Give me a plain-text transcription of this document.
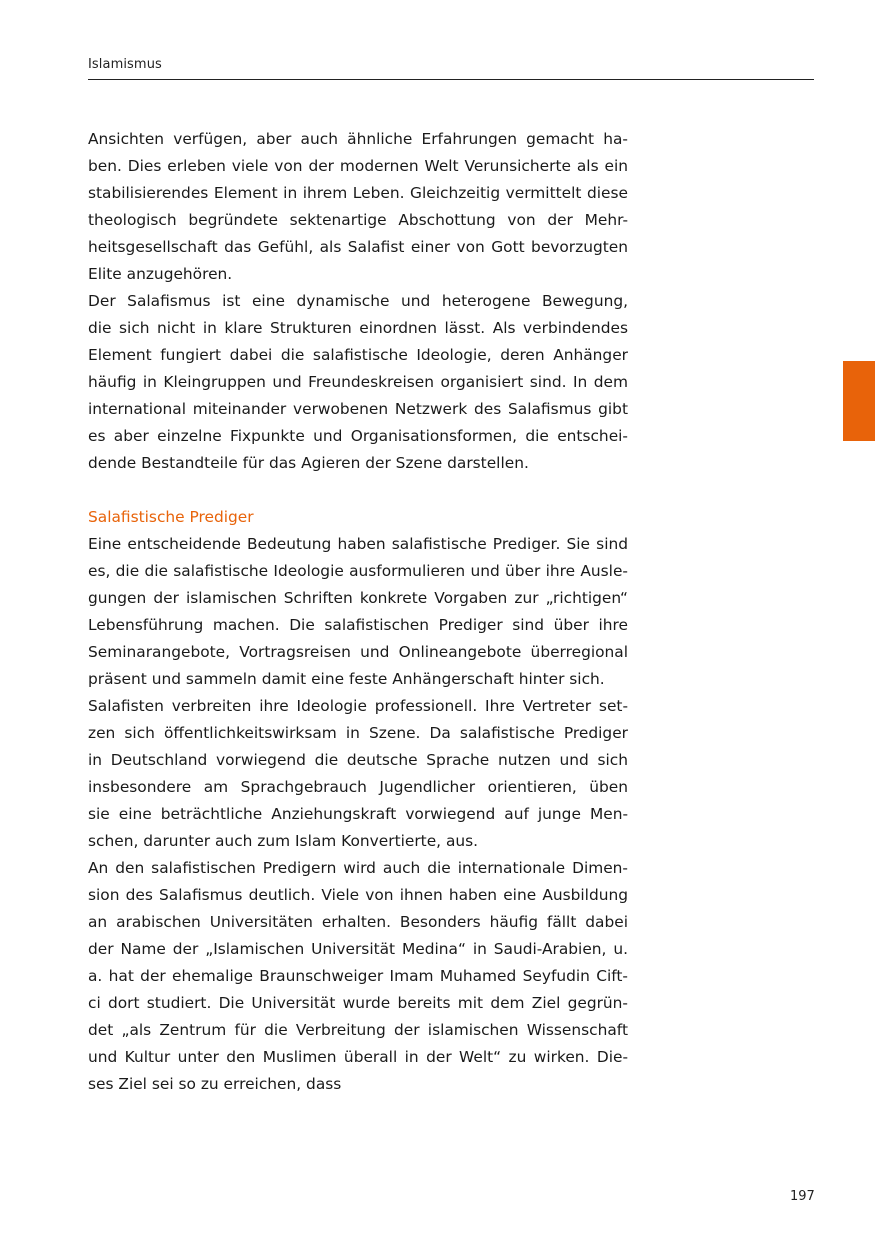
Islamismus
Ansichten verfügen, aber auch ähnliche Erfahrungen gemacht ha-
ben. Dies erleben viele von der modernen Welt Verunsicherte als ein
stabilisierendes Element in ihrem Leben. Gleichzeitig vermittelt diese
theologisch begründete sektenartige Abschottung von der Mehr-
heitsgesellschaft das Gefühl, als Salafist einer von Gott bevorzugten
Elite anzugehören.
Der Salafismus ist eine dynamische und heterogene Bewegung,
die sich nicht in klare Strukturen einordnen lässt. Als verbindendes
Element fungiert dabei die salafistische Ideologie, deren Anhänger
häufig in Kleingruppen und Freundeskreisen organisiert sind. In dem
international miteinander verwobenen Netzwerk des Salafismus gibt
es aber einzelne Fixpunkte und Organisationsformen, die entschei-
dende Bestandteile für das Agieren der Szene darstellen.
Salafistische Prediger
Eine entscheidende Bedeutung haben salafistische Prediger. Sie sind
es, die die salafistische Ideologie ausformulieren und über ihre Ausle-
gungen der islamischen Schriften konkrete Vorgaben zur „richtigen“
Lebensführung machen. Die salafistischen Prediger sind über ihre
Seminarangebote, Vortragsreisen und Onlineangebote überregional
präsent und sammeln damit eine feste Anhängerschaft hinter sich.
Salafisten verbreiten ihre Ideologie professionell. Ihre Vertreter set-
zen sich öffentlichkeitswirksam in Szene. Da salafistische Prediger
in Deutschland vorwiegend die deutsche Sprache nutzen und sich
insbesondere am Sprachgebrauch Jugendlicher orientieren, üben
sie eine beträchtliche Anziehungskraft vorwiegend auf junge Men-
schen, darunter auch zum Islam Konvertierte, aus.
An den salafistischen Predigern wird auch die internationale Dimen-
sion des Salafismus deutlich. Viele von ihnen haben eine Ausbildung
an arabischen Universitäten erhalten. Besonders häufig fällt dabei
der Name der „Islamischen Universität Medina“ in Saudi-Arabien, u.
a. hat der ehemalige Braunschweiger Imam Muhamed Seyfudin Cift-
ci dort studiert. Die Universität wurde bereits mit dem Ziel gegrün-
det „als Zentrum für die Verbreitung der islamischen Wissenschaft
und Kultur unter den Muslimen überall in der Welt“ zu wirken. Die-
ses Ziel sei so zu erreichen, dass
197
